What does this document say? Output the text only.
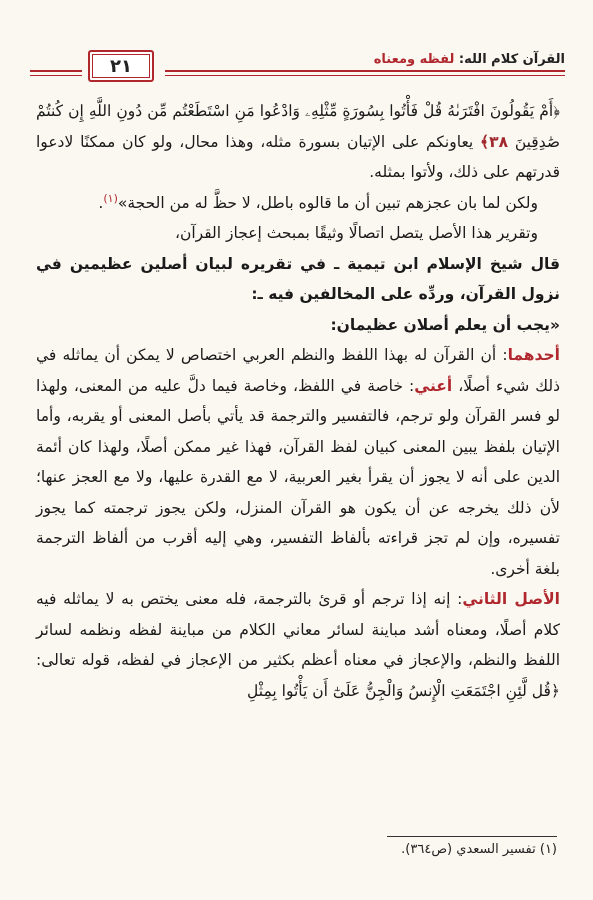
القرآن كلام الله: لفظه ومعناه
٢١

﴿أَمْ يَقُولُونَ افْتَرَىٰهُ قُلْ فَأْتُوا بِسُورَةٍ مِّثْلِهِۦ وَادْعُوا مَنِ اسْتَطَعْتُم مِّن دُونِ اللَّهِ إِن كُنتُمْ صَٰدِقِينَ ٣٨﴾ يعاونكم على الإتيان بسورة مثله، وهذا محال، ولو كان ممكنًا لادعوا قدرتهم على ذلك، ولأتوا بمثله.

ولكن لما بان عجزهم تبين أن ما قالوه باطل، لا حظَّ له من الحجة»$^{(١)}$.

وتقرير هذا الأصل يتصل اتصالًا وثيقًا بمبحث إعجاز القرآن،

قال شيخ الإسلام ابن تيمية ـ في تقريره لبيان أصلين عظيمين في نزول القرآن، وردِّه على المخالفين فيه ـ:

«يجب أن يعلم أصلان عظيمان:

أحدهما: أن القرآن له بهذا اللفظ والنظم العربي اختصاص لا يمكن أن يماثله في ذلك شيء أصلًا، أعني: خاصة في اللفظ، وخاصة فيما دلَّ عليه من المعنى، ولهذا لو فسر القرآن ولو ترجم، فالتفسير والترجمة قد يأتي بأصل المعنى أو يقربه، وأما الإتيان بلفظ يبين المعنى كبيان لفظ القرآن، فهذا غير ممكن أصلًا، ولهذا كان أئمة الدين على أنه لا يجوز أن يقرأ بغير العربية، لا مع القدرة عليها، ولا مع العجز عنها؛ لأن ذلك يخرجه عن أن يكون هو القرآن المنزل، ولكن يجوز ترجمته كما يجوز تفسيره، وإن لم تجز قراءته بألفاظ التفسير، وهي إليه أقرب من ألفاظ الترجمة بلغة أخرى.

الأصل الثاني: إنه إذا ترجم أو قرئ بالترجمة، فله معنى يختص به لا يماثله فيه كلام أصلًا، ومعناه أشد مباينة لسائر معاني الكلام من مباينة لفظه ونظمه لسائر اللفظ والنظم، والإعجاز في معناه أعظم بكثير من الإعجاز في لفظه، قوله تعالى: ﴿قُل لَّئِنِ اجْتَمَعَتِ الْإِنسُ وَالْجِنُّ عَلَىٰٓ أَن يَأْتُوا بِمِثْلِ

(١) تفسير السعدي (ص٣٦٤).
